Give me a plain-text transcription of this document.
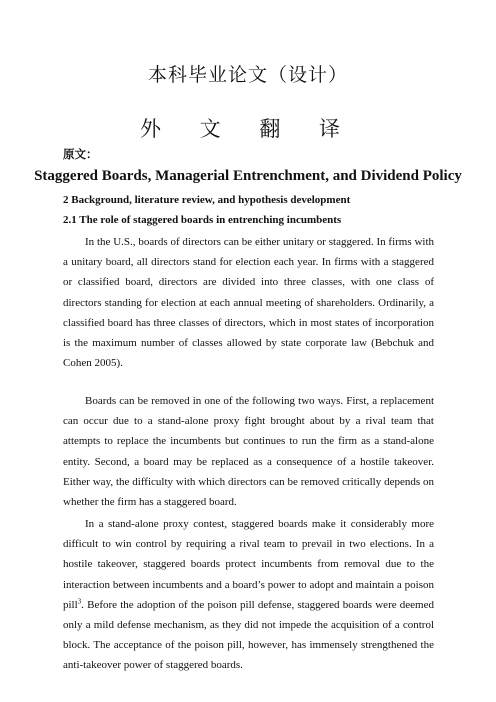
本科毕业论文（设计）
外 文 翻 译
原文：
Staggered Boards, Managerial Entrenchment, and Dividend Policy
2 Background, literature review, and hypothesis development
2.1 The role of staggered boards in entrenching incumbents

In the U.S., boards of directors can be either unitary or staggered. In firms with a unitary board, all directors stand for election each year. In firms with a staggered or classified board, directors are divided into three classes, with one class of directors standing for election at each annual meeting of shareholders. Ordinarily, a classified board has three classes of directors, which in most states of incorporation is the maximum number of classes allowed by state corporate law (Bebchuk and Cohen 2005).

Boards can be removed in one of the following two ways. First, a replacement can occur due to a stand-alone proxy fight brought about by a rival team that attempts to replace the incumbents but continues to run the firm as a stand-alone entity. Second, a board may be replaced as a consequence of a hostile takeover. Either way, the difficulty with which directors can be removed critically depends on whether the firm has a staggered board.

In a stand-alone proxy contest, staggered boards make it considerably more difficult to win control by requiring a rival team to prevail in two elections. In a hostile takeover, staggered boards protect incumbents from removal due to the interaction between incumbents and a board’s power to adopt and maintain a poison pill$^3$. Before the adoption of the poison pill defense, staggered boards were deemed only a mild defense mechanism, as they did not impede the acquisition of a control block. The acceptance of the poison pill, however, has immensely strengthened the anti-takeover power of staggered boards.
